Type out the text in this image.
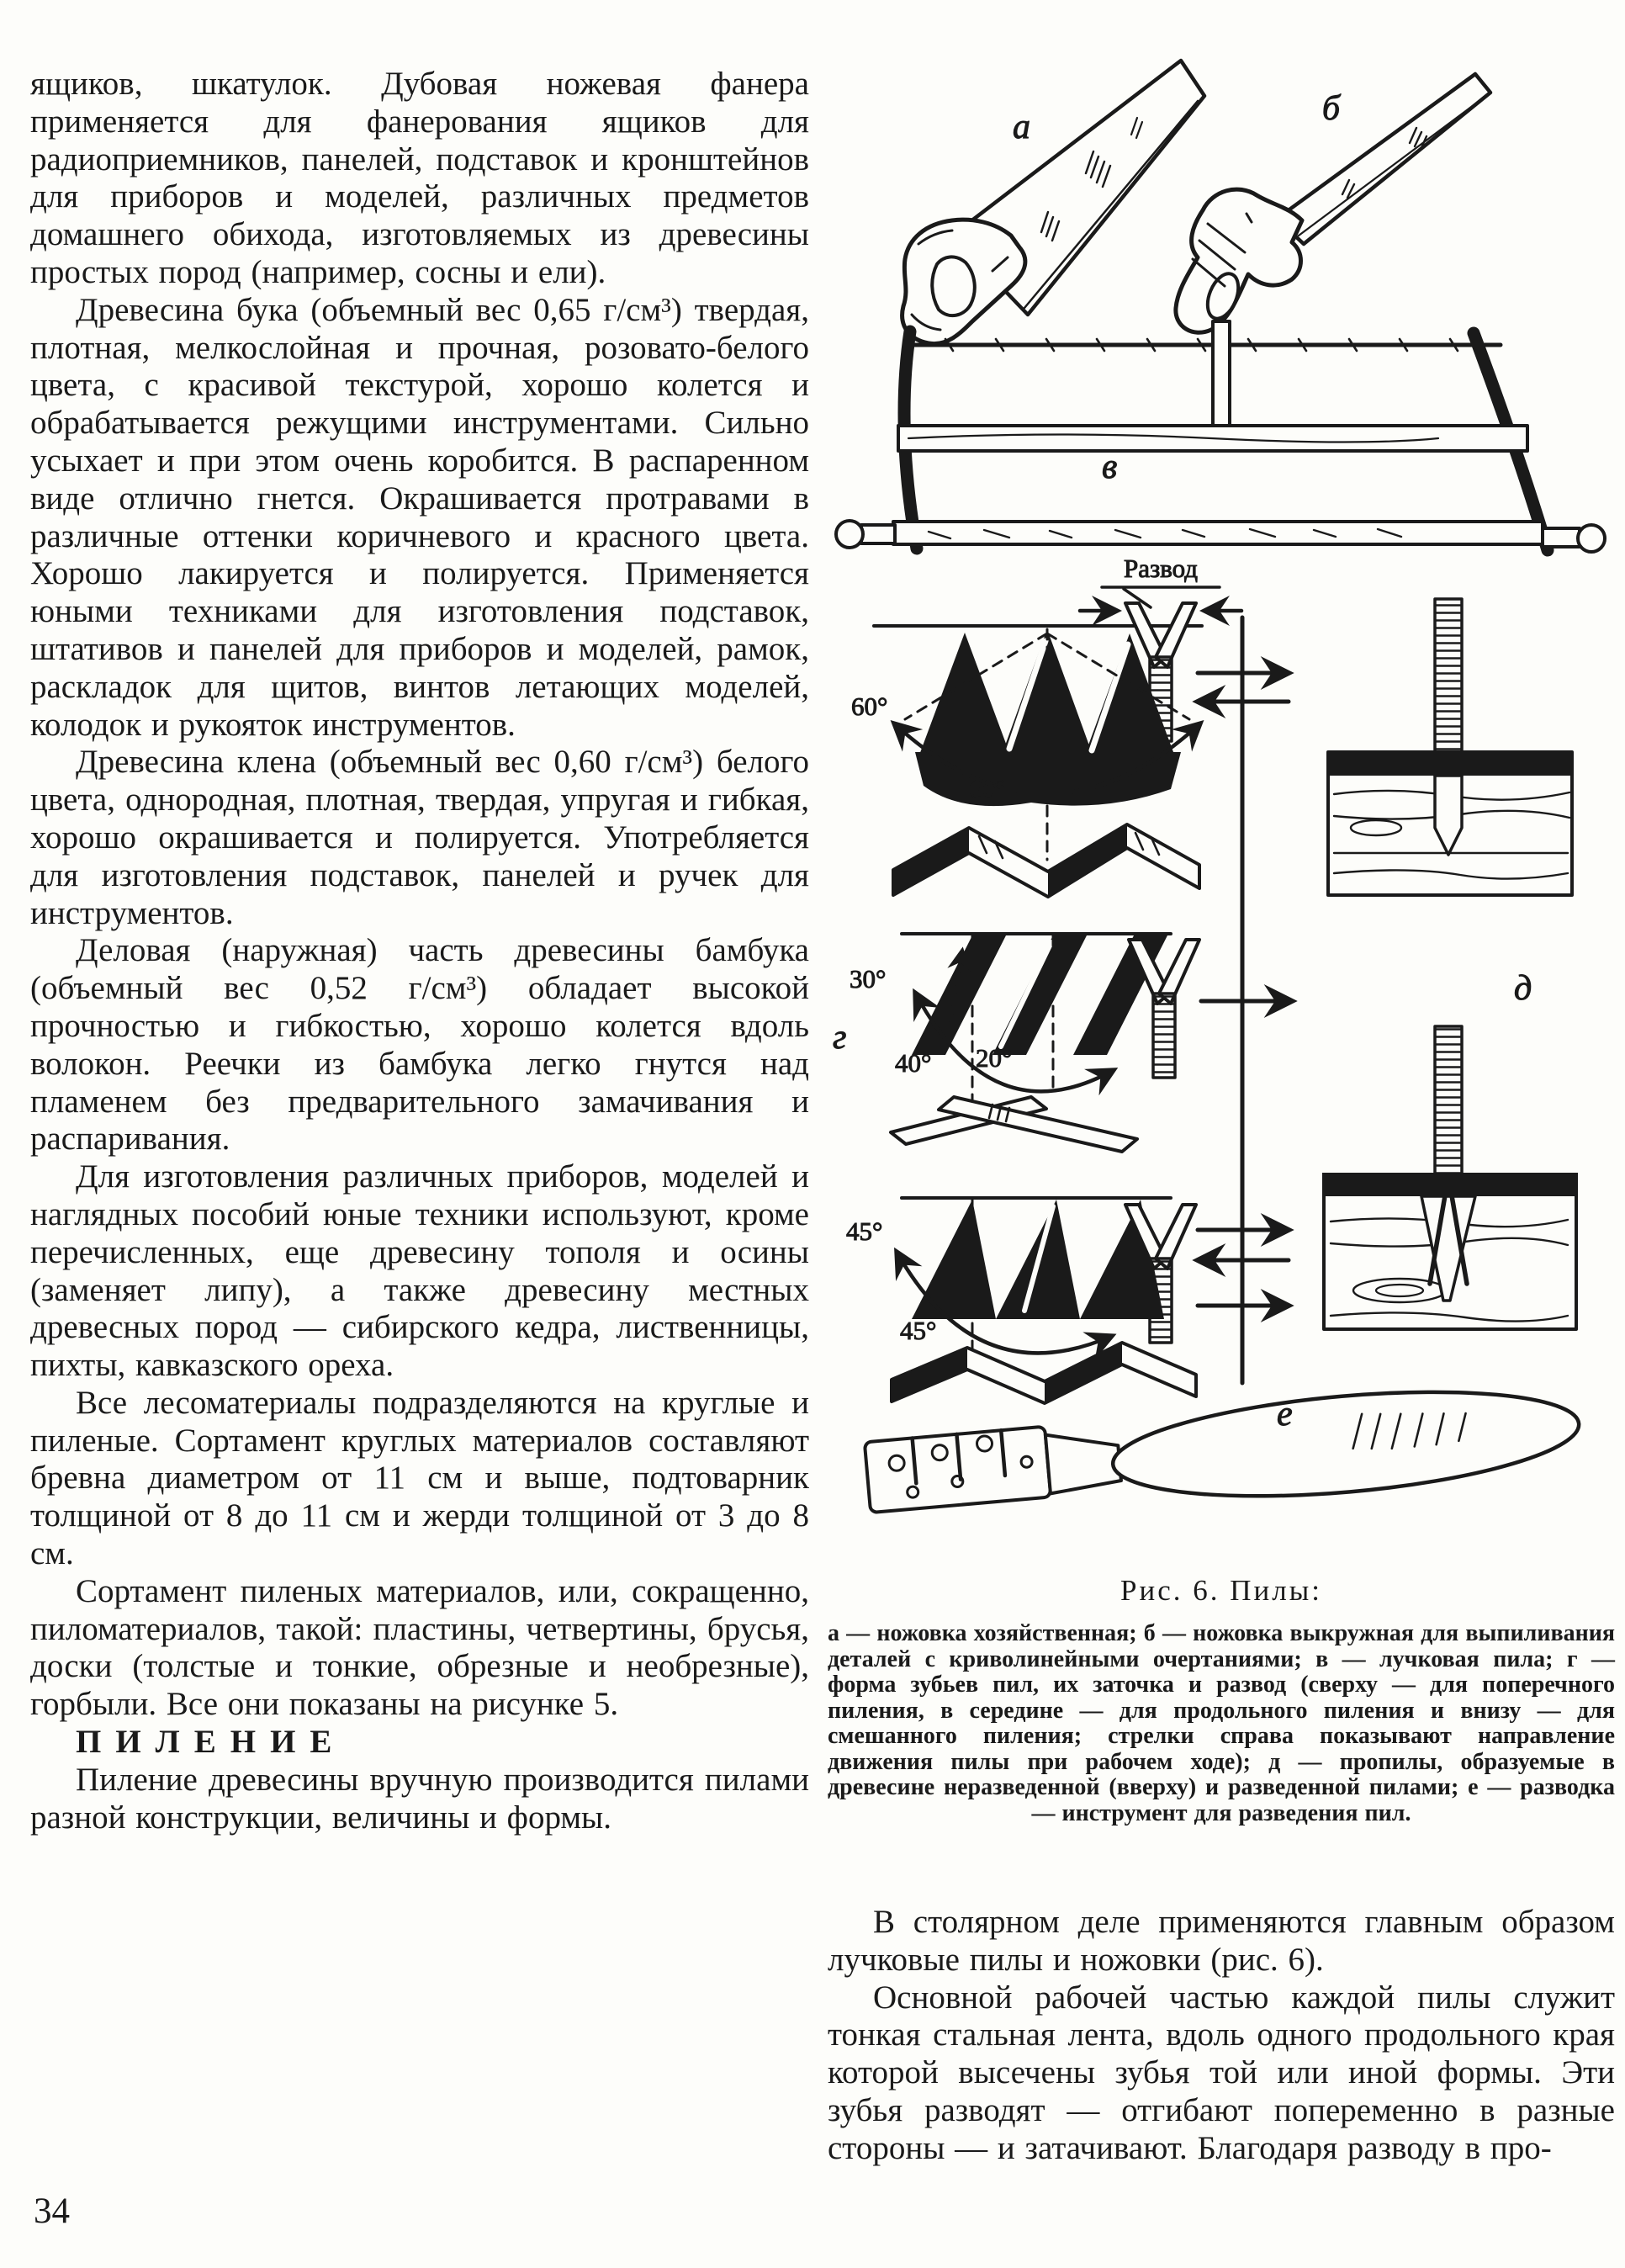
ящиков, шкатулок. Дубовая ножевая фанера применяется для фанерования ящиков для радиоприемников, панелей, подставок и кронштейнов для приборов и моделей, различных предметов домашнего обихода, изготовляемых из древесины простых пород (например, сосны и ели).

Древесина бука (объемный вес 0,65 г/см³) твердая, плотная, мелкослойная и прочная, розовато-белого цвета, с красивой текстурой, хорошо колется и обрабатывается режущими инструментами. Сильно усыхает и при этом очень коробится. В распаренном виде отлично гнется. Окрашивается протравами в различные оттенки коричневого и красного цвета. Хорошо лакируется и полируется. Применяется юными техниками для изготовления подставок, штативов и панелей для приборов и моделей, рамок, раскладок для щитов, винтов летающих моделей, колодок и рукояток инструментов.

Древесина клена (объемный вес 0,60 г/см³) белого цвета, однородная, плотная, твердая, упругая и гибкая, хорошо окрашивается и полируется. Употребляется для изготовления подставок, панелей и ручек для инструментов.

Деловая (наружная) часть древесины бамбука (объемный вес 0,52 г/см³) обладает высокой прочностью и гибкостью, хорошо колется вдоль волокон. Реечки из бамбука легко гнутся над пламенем без предварительного замачивания и распаривания.

Для изготовления различных приборов, моделей и наглядных пособий юные техники используют, кроме перечисленных, еще древесину тополя и осины (заменяет липу), а также древесину местных древесных пород — сибирского кедра, лиственницы, пихты, кавказского ореха.

Все лесоматериалы подразделяются на круглые и пиленые. Сортамент круглых материалов составляют бревна диаметром от 11 см и выше, подтоварник толщиной от 8 до 11 см и жерди толщиной от 3 до 8 см.

Сортамент пиленых материалов, или, сокращенно, пиломатериалов, такой: пластины, четвертины, брусья, доски (толстые и тонкие, обрезные и необрезные), горбыли. Все они показаны на рисунке 5.

ПИЛЕНИЕ

Пиление древесины вручную производится пилами разной конструкции, величины и формы.

34
а	б
в
Развод
60°
60°
30°
40° 20°
г
45°
45°
д
е
Рис. 6. Пилы:
а — ножовка хозяйственная; б — ножовка выкружная для выпиливания деталей с криволинейными очертаниями; в — лучковая пила; г — форма зубьев пил, их заточка и развод (сверху — для поперечного пиления, в середине — для продольного пиления и внизу — для смешанного пиления; стрелки справа показывают направление движения пилы при рабочем ходе); д — пропилы, образуемые в древесине неразведенной (вверху) и разведенной пилами; е — разводка — инструмент для разведения пил.

В столярном деле применяются главным образом лучковые пилы и ножовки (рис. 6).

Основной рабочей частью каждой пилы служит тонкая стальная лента, вдоль одного продольного края которой высечены зубья той или иной формы. Эти зубья разводят — отгибают попеременно в разные стороны — и затачивают. Благодаря разводу в про-
